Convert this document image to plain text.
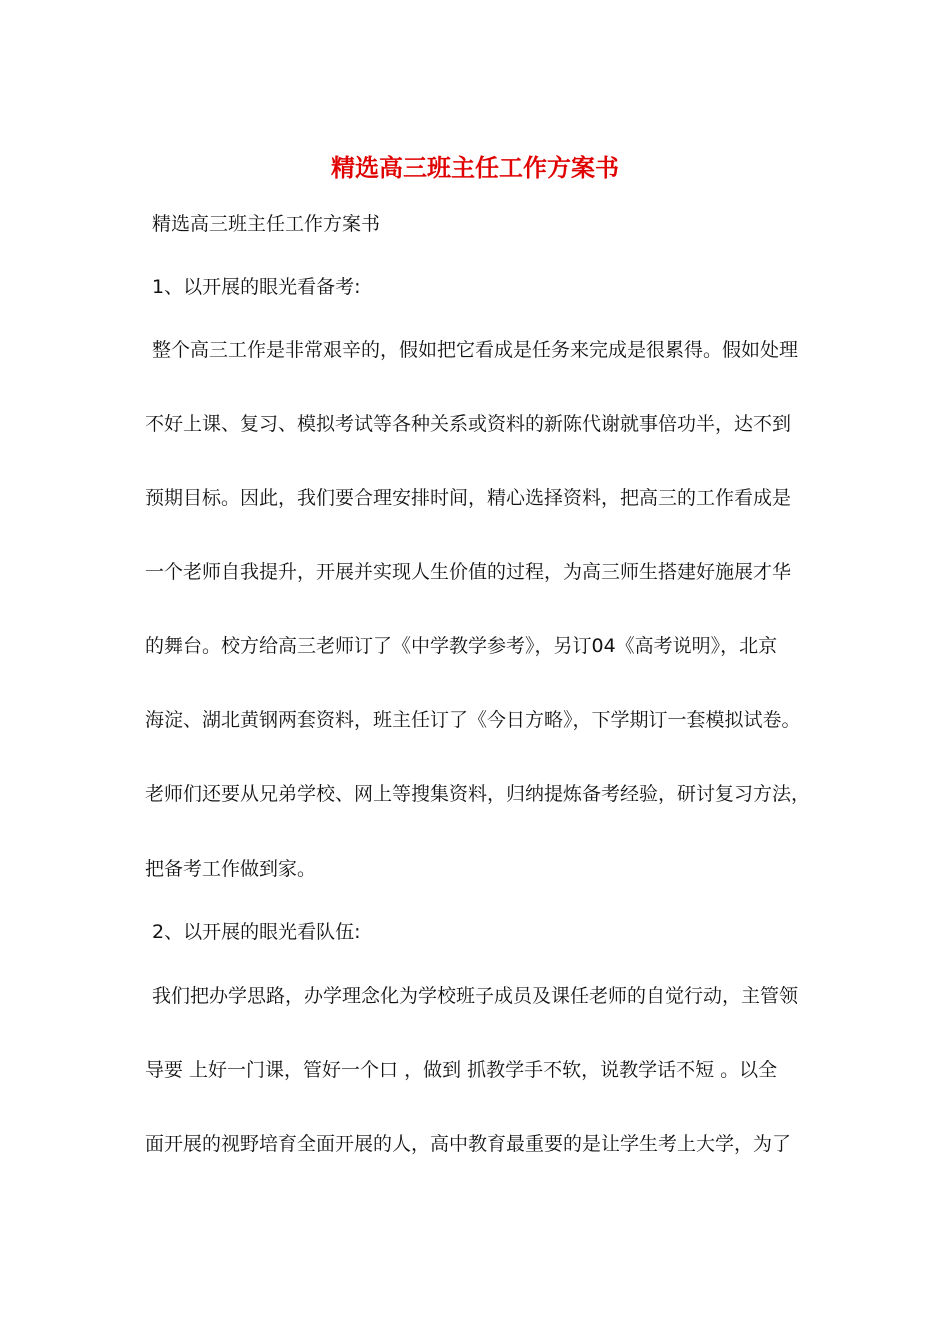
精选高三班主任工作方案书
精选高三班主任工作方案书
1、以开展的眼光看备考:
整个高三工作是非常艰辛的，假如把它看成是任务来完成是很累得。假如处理
不好上课、复习、模拟考试等各种关系或资料的新陈代谢就事倍功半，达不到
预期目标。因此，我们要合理安排时间，精心选择资料，把高三的工作看成是
一个老师自我提升，开展并实现人生价值的过程，为高三师生搭建好施展才华
的舞台。校方给高三老师订了《中学教学参考》，另订04《高考说明》，北京
海淀、湖北黄钢两套资料，班主任订了《今日方略》，下学期订一套模拟试卷。
老师们还要从兄弟学校、网上等搜集资料，归纳提炼备考经验，研讨复习方法，
把备考工作做到家。
2、以开展的眼光看队伍:
我们把办学思路，办学理念化为学校班子成员及课任老师的自觉行动，主管领
导要 上好一门课，管好一个口 ，做到 抓教学手不软，说教学话不短 。以全
面开展的视野培育全面开展的人，高中教育最重要的是让学生考上大学，为了
